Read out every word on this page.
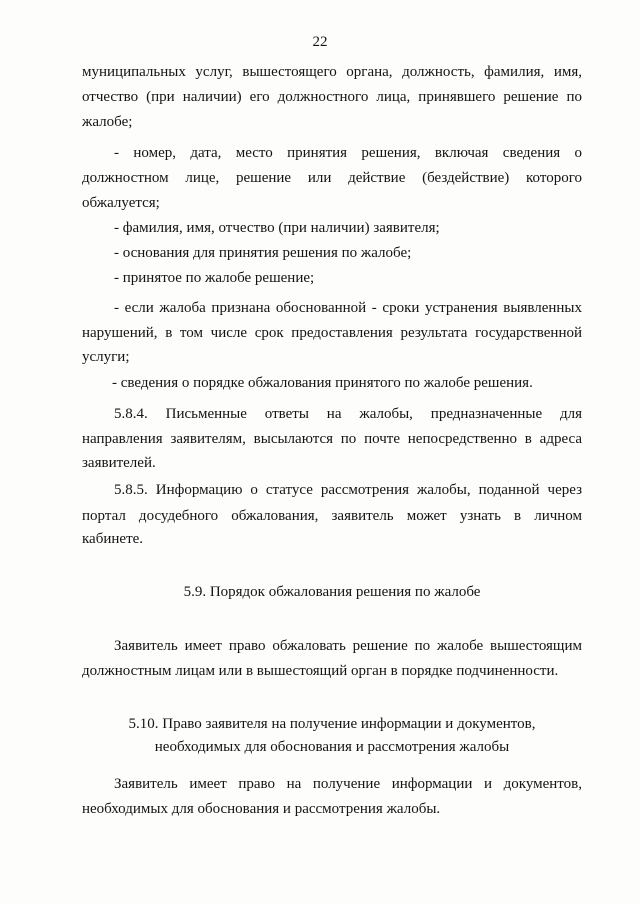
22
муниципальных услуг, вышестоящего органа, должность, фамилия, имя,
отчество (при наличии) его должностного лица, принявшего решение по
жалобе;
- номер, дата, место принятия решения, включая сведения о
должностном лице, решение или действие (бездействие) которого
обжалуется;
- фамилия, имя, отчество (при наличии) заявителя;
- основания для принятия решения по жалобе;
- принятое по жалобе решение;
- если жалоба признана обоснованной - сроки устранения выявленных
нарушений, в том числе срок предоставления результата государственной
услуги;
- сведения о порядке обжалования принятого по жалобе решения.
5.8.4. Письменные ответы на жалобы, предназначенные для
направления заявителям, высылаются по почте непосредственно в адреса
заявителей.
5.8.5. Информацию о статусе рассмотрения жалобы, поданной через
портал досудебного обжалования, заявитель может узнать в личном
кабинете.
5.9. Порядок обжалования решения по жалобе
Заявитель имеет право обжаловать решение по жалобе вышестоящим
должностным лицам или в вышестоящий орган в порядке подчиненности.
5.10. Право заявителя на получение информации и документов,
необходимых для обоснования и рассмотрения жалобы
Заявитель имеет право на получение информации и документов,
необходимых для обоснования и рассмотрения жалобы.
